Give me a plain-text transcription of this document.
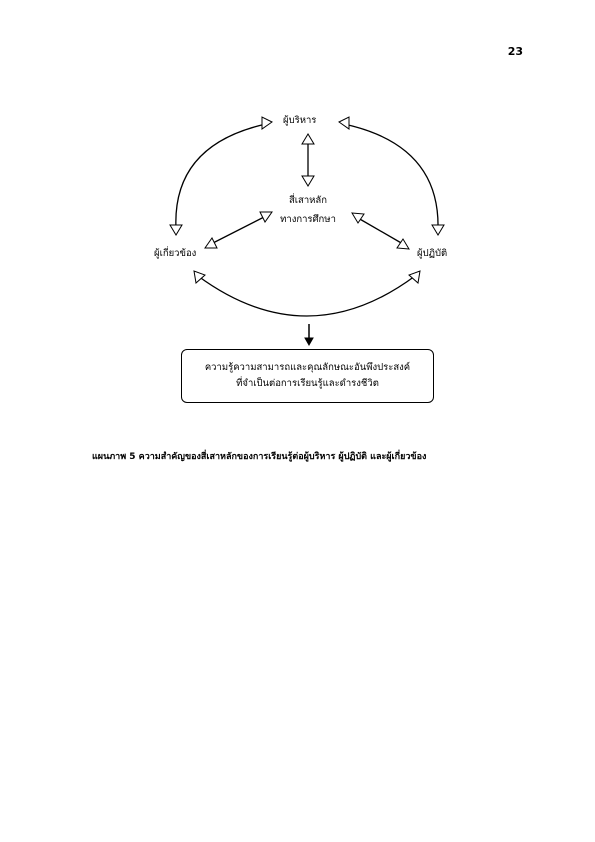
23
ผู้บริหาร
สี่เสาหลัก
ทางการศึกษา
ผู้เกี่ยวข้อง	ผู้ปฏิบัติ
ความรู้ความสามารถและคุณลักษณะอันพึงประสงค์
ที่จำเป็นต่อการเรียนรู้และดำรงชีวิต
แผนภาพ 5 ความสำคัญของสี่เสาหลักของการเรียนรู้ต่อผู้บริหาร ผู้ปฏิบัติ และผู้เกี่ยวข้อง
